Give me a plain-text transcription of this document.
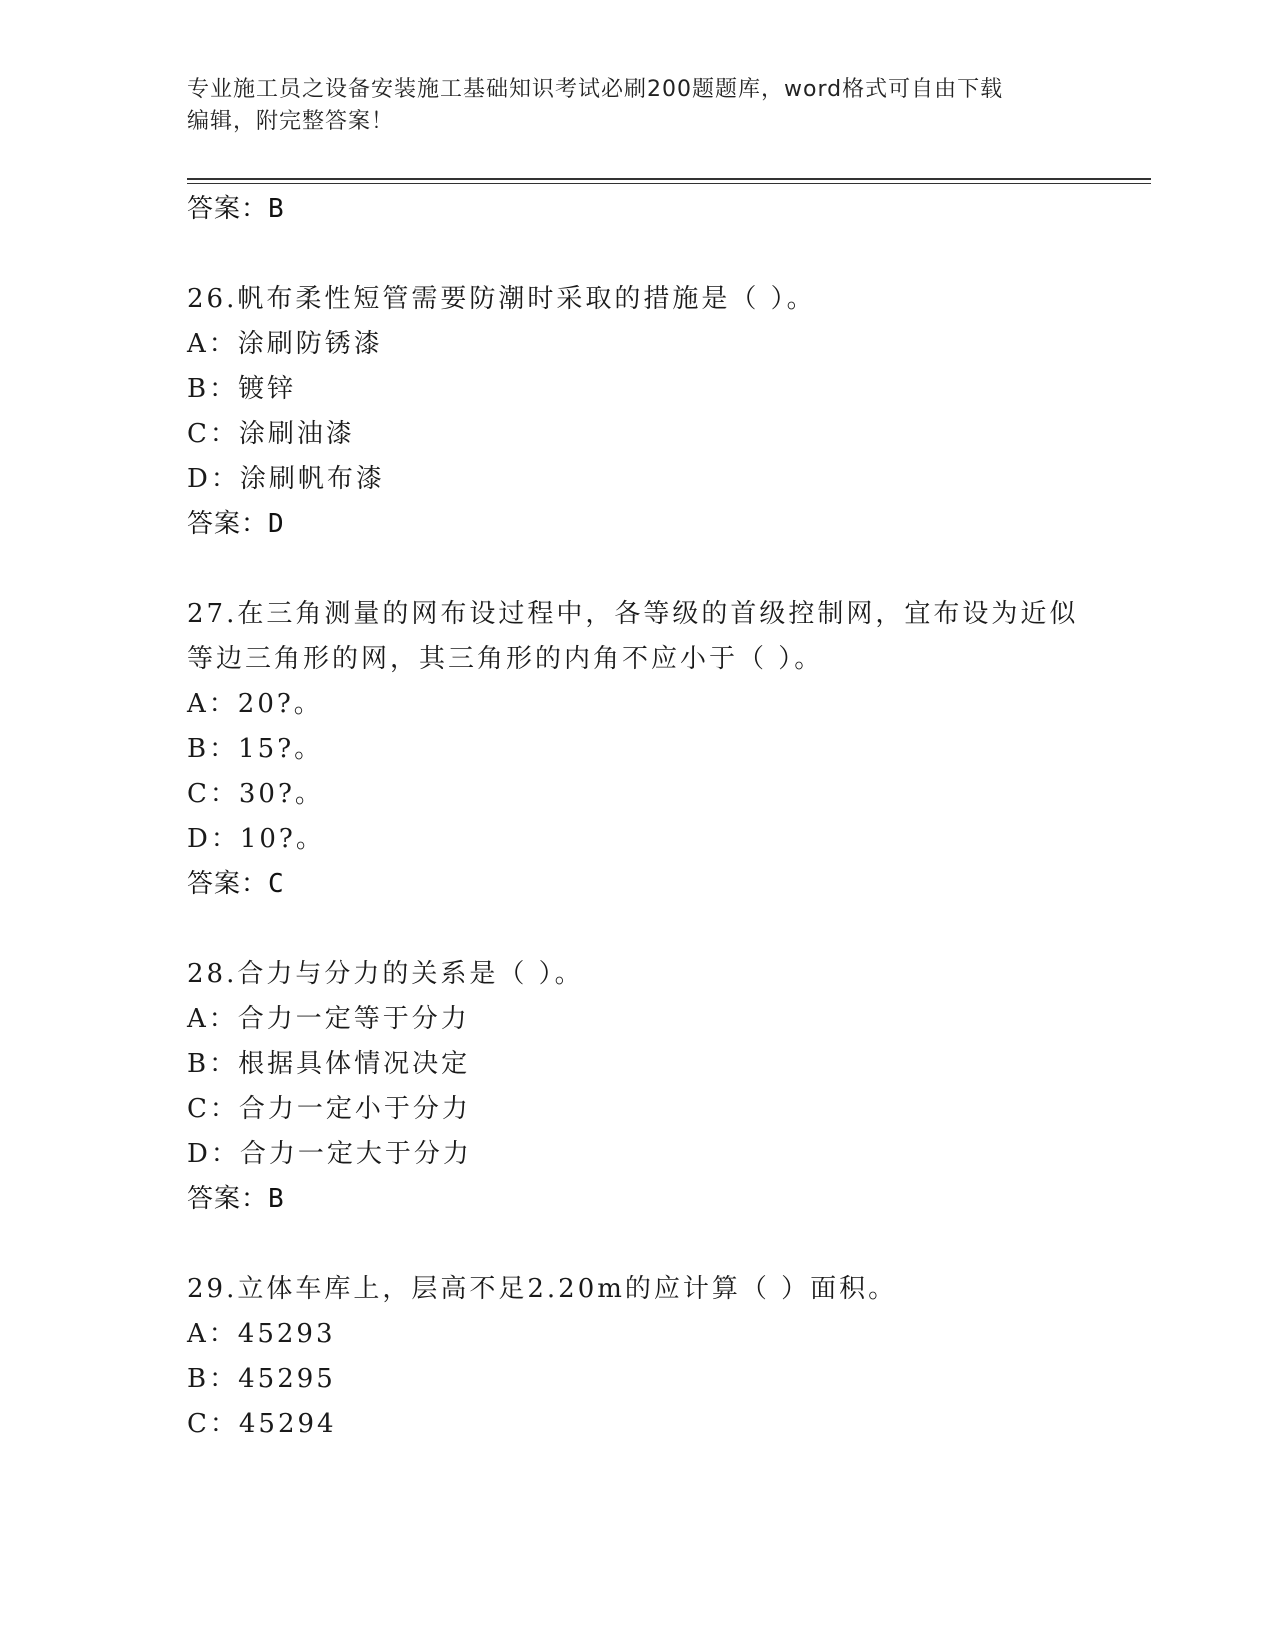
专业施工员之设备安装施工基础知识考试必刷200题题库，word格式可自由下载
编辑，附完整答案！
答案：B
26.帆布柔性短管需要防潮时采取的措施是（ ）。
A：涂刷防锈漆
B：镀锌
C：涂刷油漆
D：涂刷帆布漆
答案：D
27.在三角测量的网布设过程中，各等级的首级控制网，宜布设为近似
等边三角形的网，其三角形的内角不应小于（ ）。
A：20?。
B：15?。
C：30?。
D：10?。
答案：C
28.合力与分力的关系是（ ）。
A：合力一定等于分力
B：根据具体情况决定
C：合力一定小于分力
D：合力一定大于分力
答案：B
29.立体车库上，层高不足2.20m的应计算（ ）面积。
A：45293
B：45295
C：45294
